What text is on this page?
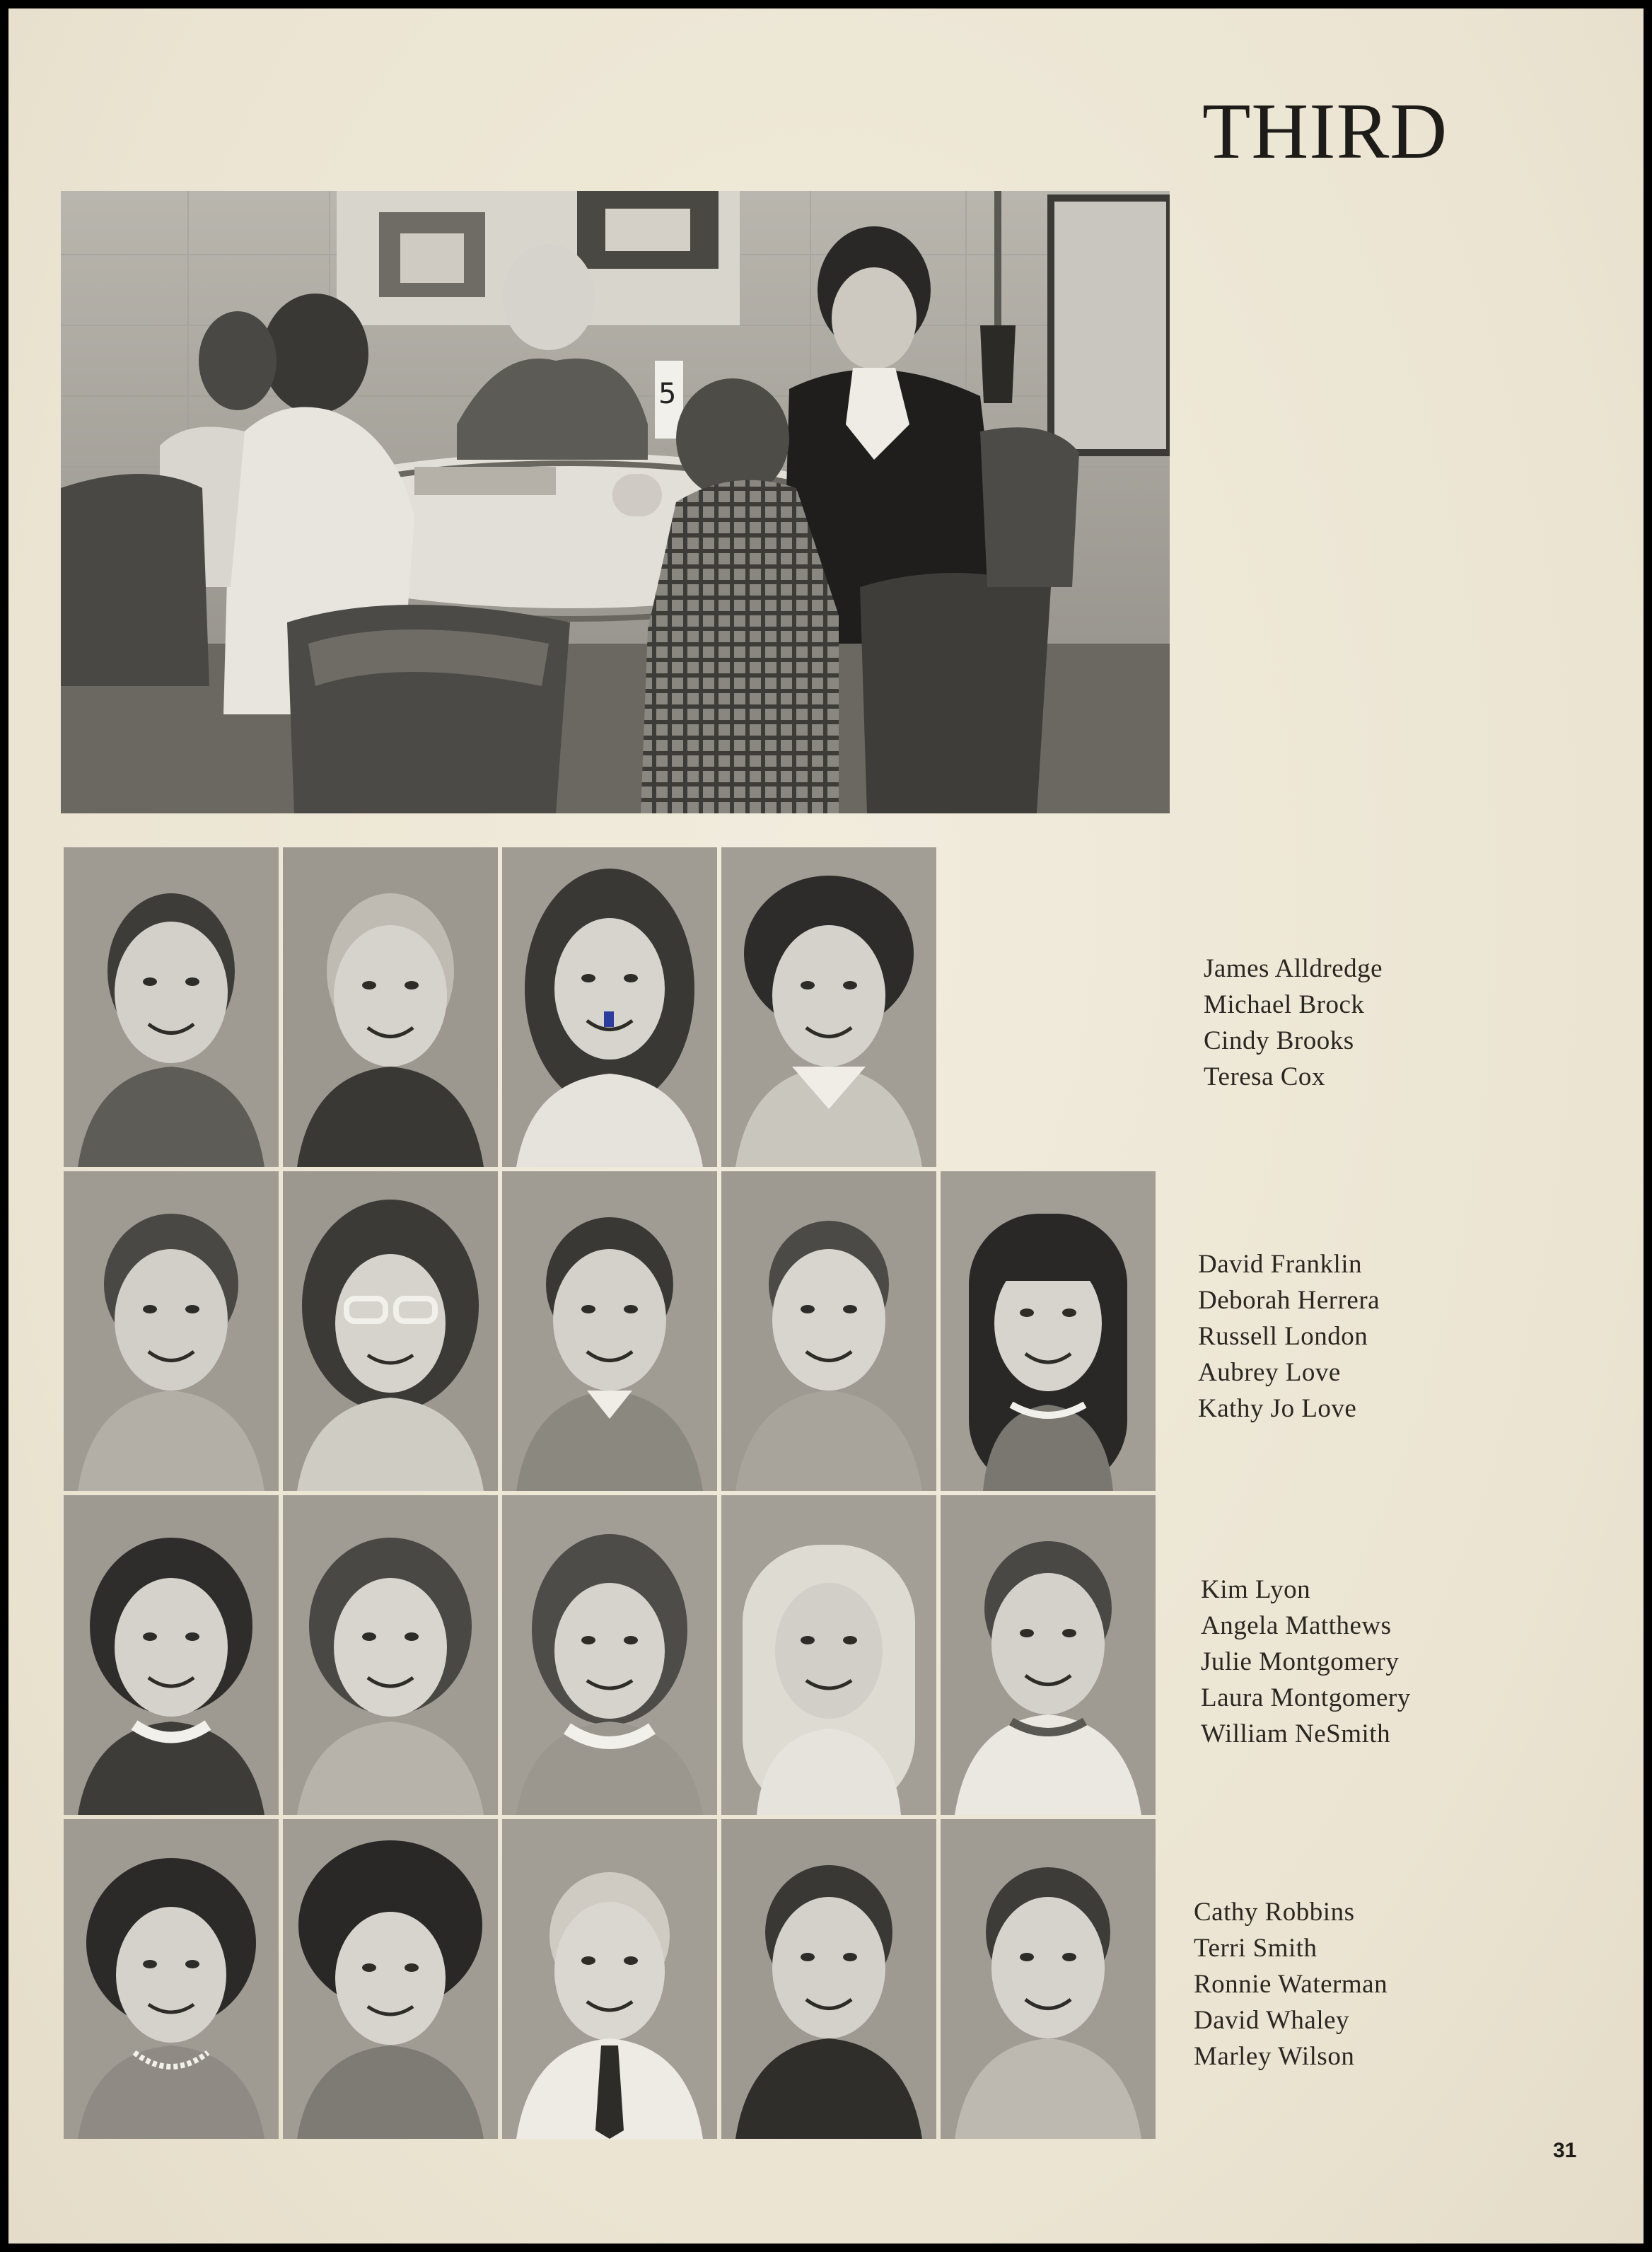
THIRD
5
James Alldredge
Michael Brock
Cindy Brooks
Teresa Cox
David Franklin
Deborah Herrera
Russell London
Aubrey Love
Kathy Jo Love
Kim Lyon
Angela Matthews
Julie Montgomery
Laura Montgomery
William NeSmith
Cathy Robbins
Terri Smith
Ronnie Waterman
David Whaley
Marley Wilson
31
